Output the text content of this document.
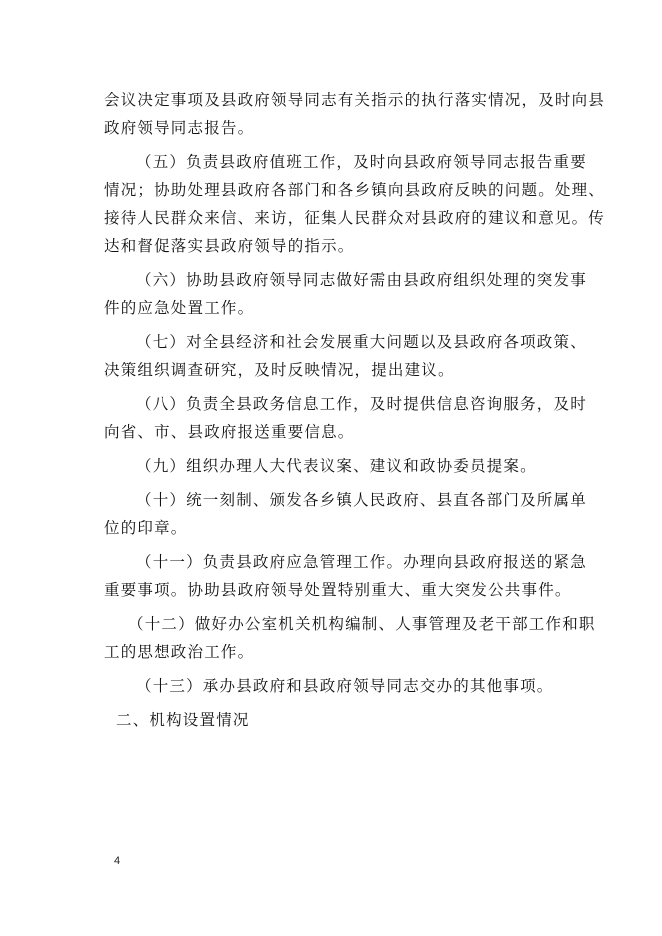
会议决定事项及县政府领导同志有关指示的执行落实情况，及时向县
政府领导同志报告。

（五）负责县政府值班工作，及时向县政府领导同志报告重要
情况；协助处理县政府各部门和各乡镇向县政府反映的问题。处理、
接待人民群众来信、来访，征集人民群众对县政府的建议和意见。传
达和督促落实县政府领导的指示。

（六）协助县政府领导同志做好需由县政府组织处理的突发事
件的应急处置工作。

（七）对全县经济和社会发展重大问题以及县政府各项政策、
决策组织调查研究，及时反映情况，提出建议。

（八）负责全县政务信息工作，及时提供信息咨询服务，及时
向省、市、县政府报送重要信息。

（九）组织办理人大代表议案、建议和政协委员提案。

（十）统一刻制、颁发各乡镇人民政府、县直各部门及所属单
位的印章。

（十一）负责县政府应急管理工作。办理向县政府报送的紧急
重要事项。协助县政府领导处置特别重大、重大突发公共事件。

（十二）做好办公室机关机构编制、人事管理及老干部工作和职
工的思想政治工作。

（十三）承办县政府和县政府领导同志交办的其他事项。

二、机构设置情况

4
